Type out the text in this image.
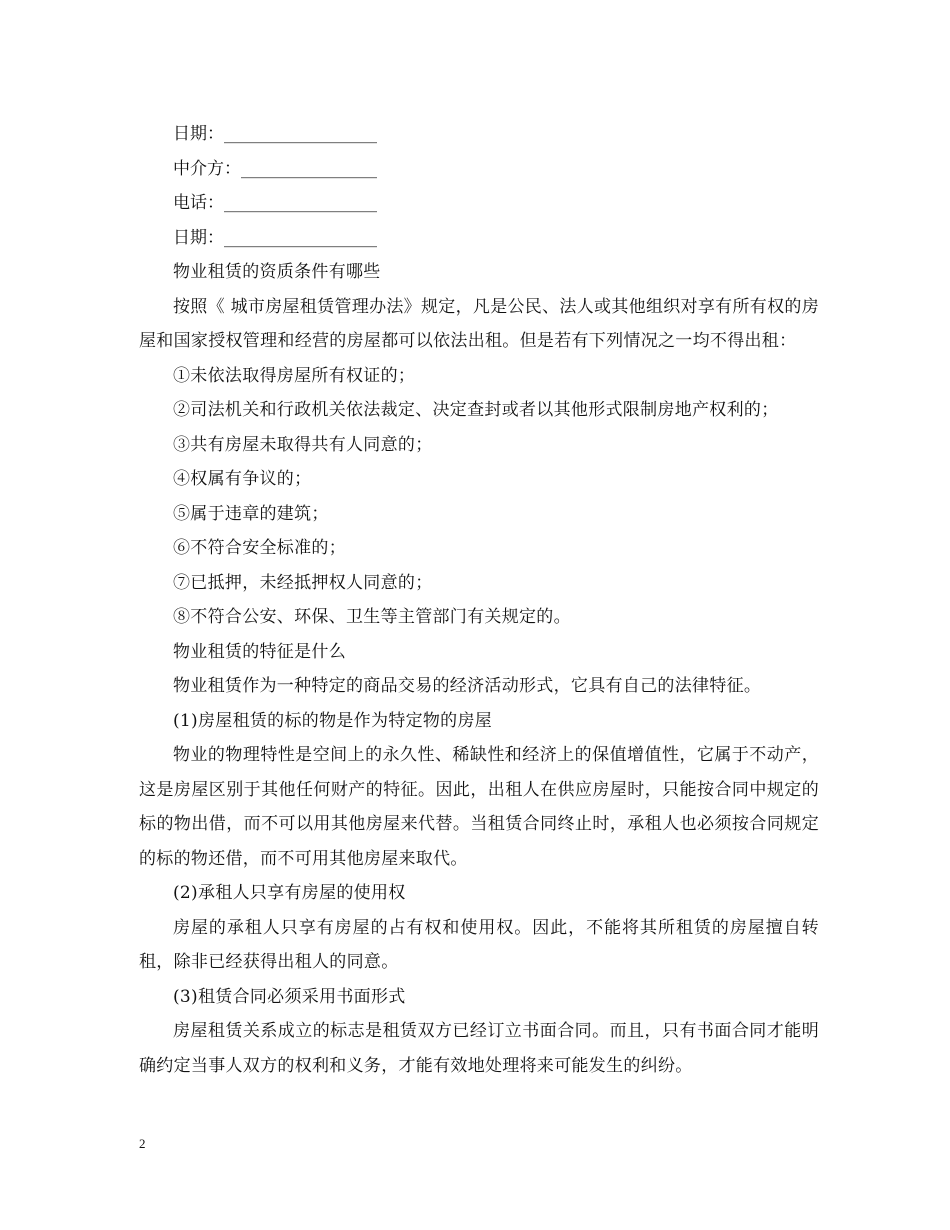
日期：__________________
中介方：________________
电话：__________________
日期：__________________

物业租赁的资质条件有哪些

按照《 城市房屋租赁管理办法》规定，凡是公民、法人或其他组织对享有所有权的房屋和国家授权管理和经营的房屋都可以依法出租。但是若有下列情况之一均不得出租：

①未依法取得房屋所有权证的；

②司法机关和行政机关依法裁定、决定查封或者以其他形式限制房地产权利的；

③共有房屋未取得共有人同意的；

④权属有争议的；

⑤属于违章的建筑；

⑥不符合安全标准的；

⑦已抵押，未经抵押权人同意的；

⑧不符合公安、环保、卫生等主管部门有关规定的。

物业租赁的特征是什么

物业租赁作为一种特定的商品交易的经济活动形式，它具有自己的法律特征。

(1)房屋租赁的标的物是作为特定物的房屋

物业的物理特性是空间上的永久性、稀缺性和经济上的保值增值性，它属于不动产，这是房屋区别于其他任何财产的特征。因此，出租人在供应房屋时，只能按合同中规定的标的物出借，而不可以用其他房屋来代替。当租赁合同终止时，承租人也必须按合同规定的标的物还借，而不可用其他房屋来取代。

(2)承租人只享有房屋的使用权

房屋的承租人只享有房屋的占有权和使用权。因此，不能将其所租赁的房屋擅自转租，除非已经获得出租人的同意。

(3)租赁合同必须采用书面形式

房屋租赁关系成立的标志是租赁双方已经订立书面合同。而且，只有书面合同才能明确约定当事人双方的权利和义务，才能有效地处理将来可能发生的纠纷。

2
